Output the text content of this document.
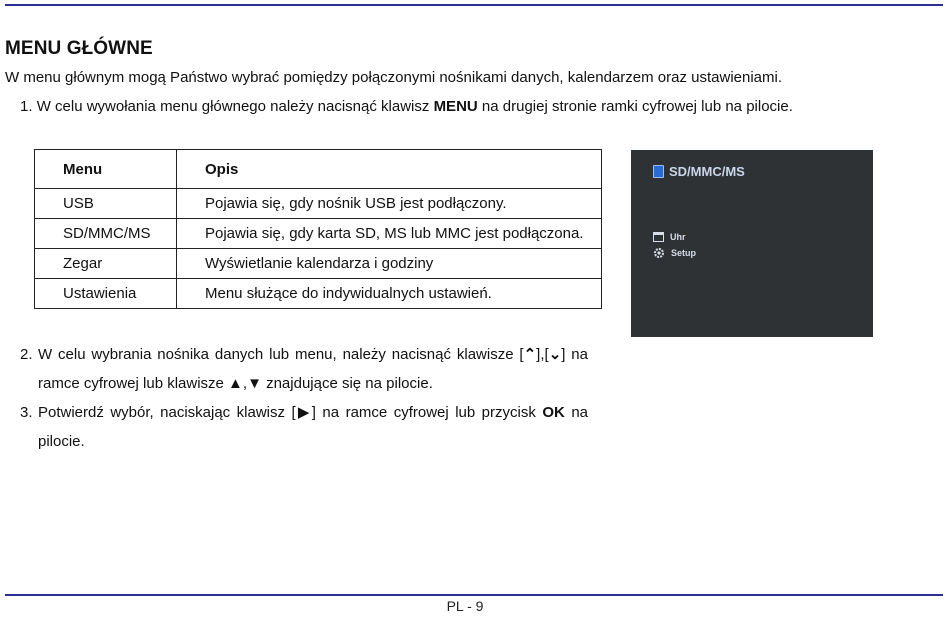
MENU GŁÓWNE
W menu głównym mogą Państwo wybrać pomiędzy połączonymi nośnikami danych, kalendarzem oraz ustawieniami.
1. W celu wywołania menu głównego należy nacisnąć klawisz MENU na drugiej stronie ramki cyfrowej lub na pilocie.
Menu	Opis
USB	Pojawia się, gdy nośnik USB jest podłączony.
SD/MMC/MS	Pojawia się, gdy karta SD, MS lub MMC jest podłączona.
Zegar	Wyświetlanie kalendarza i godziny
Ustawienia	Menu służące do indywidualnych ustawień.
SD/MMC/MS
Uhr
Setup
2. W celu wybrania nośnika danych lub menu, należy nacisnąć klawisze [⌃],[⌄] na ramce cyfrowej lub klawisze ▲,▼ znajdujące się na pilocie.
3. Potwierdź wybór, naciskając klawisz [▶] na ramce cyfrowej lub przycisk OK na pilocie.
PL - 9
